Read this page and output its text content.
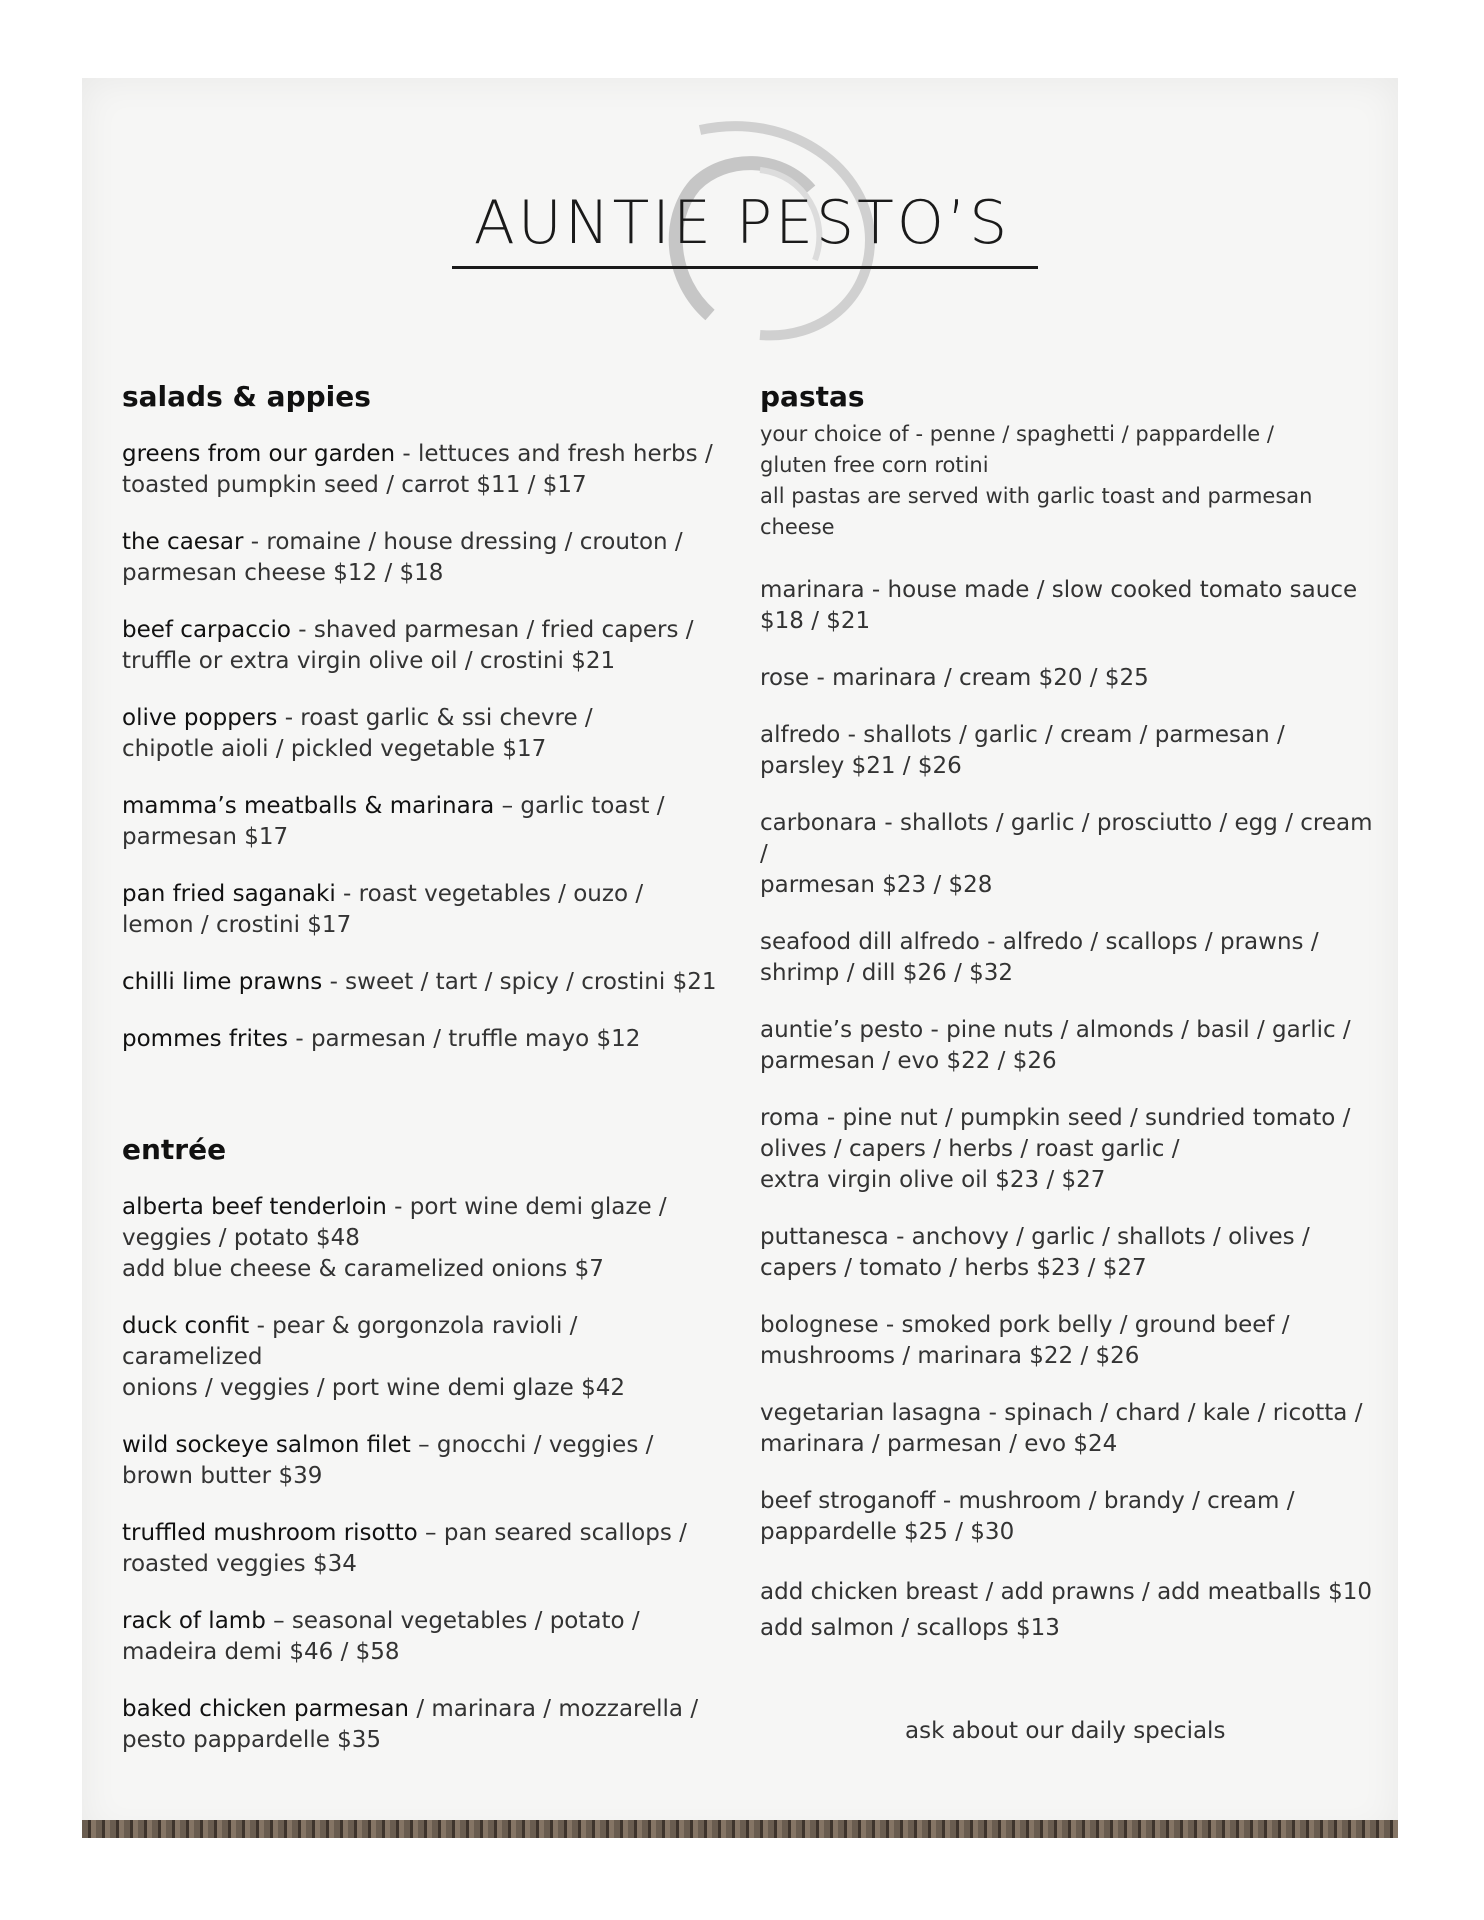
AUNTIE PESTO’S
salads & appies
greens from our garden - lettuces and fresh herbs /
toasted pumpkin seed / carrot $11 / $17
the caesar - romaine / house dressing / crouton /
parmesan cheese $12 / $18
beef carpaccio - shaved parmesan / fried capers /
truffle or extra virgin olive oil / crostini $21
olive poppers - roast garlic & ssi chevre /
chipotle aioli / pickled vegetable $17
mamma’s meatballs & marinara – garlic toast /
parmesan $17
pan fried saganaki - roast vegetables / ouzo /
lemon / crostini $17
chilli lime prawns - sweet / tart / spicy / crostini $21
pommes frites - parmesan / truffle mayo $12
entrée
alberta beef tenderloin - port wine demi glaze /
veggies / potato $48
add blue cheese & caramelized onions $7
duck confit - pear & gorgonzola ravioli / caramelized
onions / veggies / port wine demi glaze $42
wild sockeye salmon filet – gnocchi / veggies /
brown butter $39
truffled mushroom risotto – pan seared scallops /
roasted veggies $34
rack of lamb – seasonal vegetables / potato /
madeira demi $46 / $58
baked chicken parmesan / marinara / mozzarella /
pesto pappardelle $35
pastas
your choice of - penne / spaghetti / pappardelle /
gluten free corn rotini
all pastas are served with garlic toast and parmesan cheese
marinara - house made / slow cooked tomato sauce
$18 / $21
rose - marinara / cream $20 / $25
alfredo - shallots / garlic / cream / parmesan /
parsley $21 / $26
carbonara - shallots / garlic / prosciutto / egg / cream /
parmesan $23 / $28
seafood dill alfredo - alfredo / scallops / prawns /
shrimp / dill $26 / $32
auntie’s pesto - pine nuts / almonds / basil / garlic /
parmesan / evo $22 / $26
roma - pine nut / pumpkin seed / sundried tomato /
olives / capers / herbs / roast garlic /
extra virgin olive oil $23 / $27
puttanesca - anchovy / garlic / shallots / olives /
capers / tomato / herbs $23 / $27
bolognese - smoked pork belly / ground beef /
mushrooms / marinara $22 / $26
vegetarian lasagna - spinach / chard / kale / ricotta /
marinara / parmesan / evo $24
beef stroganoff - mushroom / brandy / cream /
pappardelle $25 / $30
add chicken breast / add prawns / add meatballs $10
add salmon / scallops $13
ask about our daily specials
